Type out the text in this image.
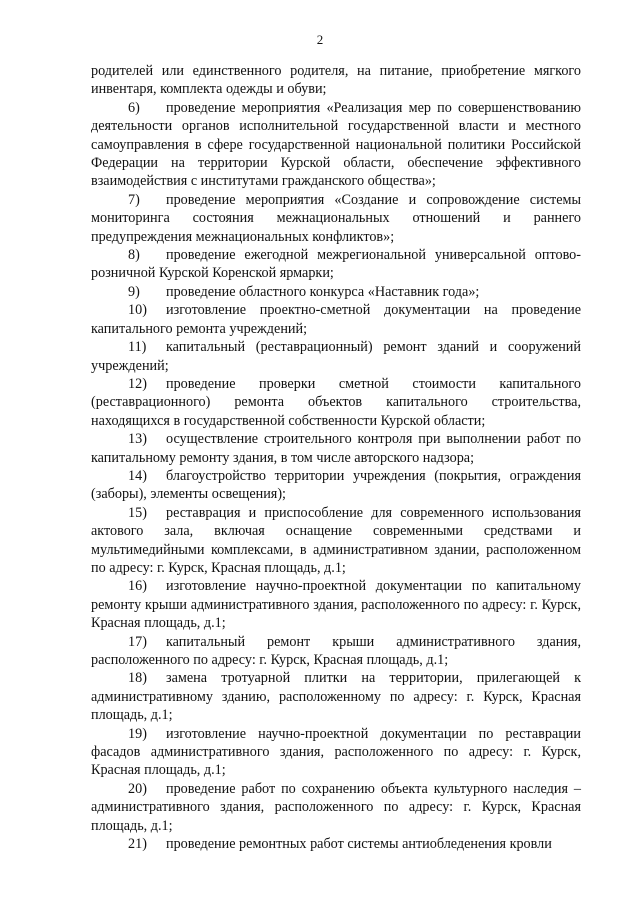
2

родителей или единственного родителя, на питание, приобретение мягкого инвентаря, комплекта одежды и обуви;

6) проведение мероприятия «Реализация мер по совершенствованию деятельности органов исполнительной государственной власти и местного самоуправления в сфере государственной национальной политики Российской Федерации на территории Курской области, обеспечение эффективного взаимодействия с институтами гражданского общества»;

7) проведение мероприятия «Создание и сопровождение системы мониторинга состояния межнациональных отношений и раннего предупреждения межнациональных конфликтов»;

8) проведение ежегодной межрегиональной универсальной оптово-розничной Курской Коренской ярмарки;

9) проведение областного конкурса «Наставник года»;

10) изготовление проектно-сметной документации на проведение капитального ремонта учреждений;

11) капитальный (реставрационный) ремонт зданий и сооружений учреждений;

12) проведение проверки сметной стоимости капитального (реставрационного) ремонта объектов капитального строительства, находящихся в государственной собственности Курской области;

13) осуществление строительного контроля при выполнении работ по капитальному ремонту здания, в том числе авторского надзора;

14) благоустройство территории учреждения (покрытия, ограждения (заборы), элементы освещения);

15) реставрация и приспособление для современного использования актового зала, включая оснащение современными средствами и мультимедийными комплексами, в административном здании, расположенном по адресу: г. Курск, Красная площадь, д.1;

16) изготовление научно-проектной документации по капитальному ремонту крыши административного здания, расположенного по адресу: г. Курск, Красная площадь, д.1;

17) капитальный ремонт крыши административного здания, расположенного по адресу: г. Курск, Красная площадь, д.1;

18) замена тротуарной плитки на территории, прилегающей к административному зданию, расположенному по адресу: г. Курск, Красная площадь, д.1;

19) изготовление научно-проектной документации по реставрации фасадов административного здания, расположенного по адресу: г. Курск, Красная площадь, д.1;

20) проведение работ по сохранению объекта культурного наследия – административного здания, расположенного по адресу: г. Курск, Красная площадь, д.1;

21) проведение ремонтных работ системы антиобледенения кровли
